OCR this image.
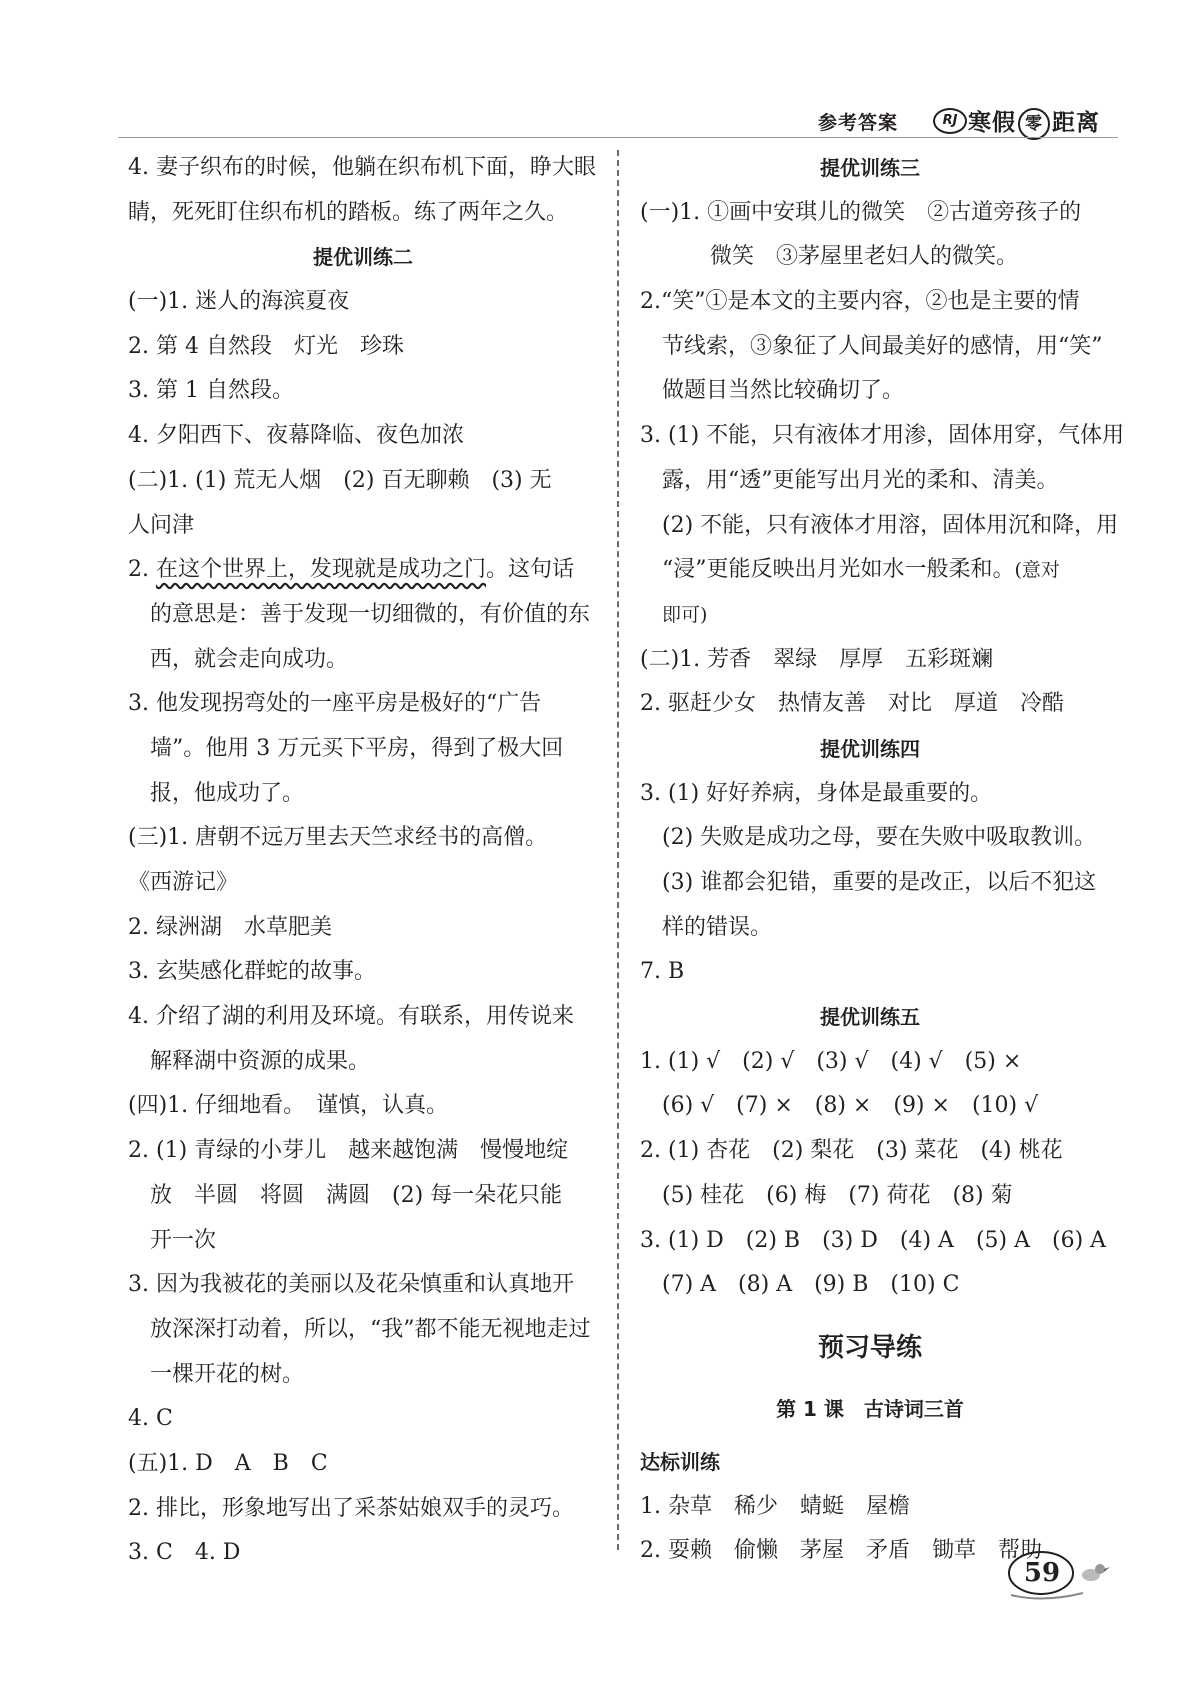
参考答案	RJ 寒假 零 距离
4. 妻子织布的时候，他躺在织布机下面，睁大眼
睛，死死盯住织布机的踏板。练了两年之久。
提优训练二
(一)1. 迷人的海滨夏夜
2. 第 4 自然段　灯光　珍珠
3. 第 1 自然段。
4. 夕阳西下、夜幕降临、夜色加浓
(二)1. (1) 荒无人烟　(2) 百无聊赖　(3) 无
人问津
2. 在这个世界上，发现就是成功之门。这句话
的意思是：善于发现一切细微的，有价值的东
西，就会走向成功。
3. 他发现拐弯处的一座平房是极好的“广告
墙”。他用 3 万元买下平房，得到了极大回
报，他成功了。
(三)1. 唐朝不远万里去天竺求经书的高僧。
《西游记》
2. 绿洲湖　水草肥美
3. 玄奘感化群蛇的故事。
4. 介绍了湖的利用及环境。有联系，用传说来
解释湖中资源的成果。
(四)1. 仔细地看。　谨慎，认真。
2. (1) 青绿的小芽儿　越来越饱满　慢慢地绽
放　半圆　将圆　满圆　(2) 每一朵花只能
开一次
3. 因为我被花的美丽以及花朵慎重和认真地开
放深深打动着，所以，“我”都不能无视地走过
一棵开花的树。
4. C
(五)1. D　A　B　C
2. 排比，形象地写出了采茶姑娘双手的灵巧。
3. C　4. D
提优训练三
(一)1. ①画中安琪儿的微笑　②古道旁孩子的
微笑　③茅屋里老妇人的微笑。
2.“笑”①是本文的主要内容，②也是主要的情
节线索，③象征了人间最美好的感情，用“笑”
做题目当然比较确切了。
3. (1) 不能，只有液体才用渗，固体用穿，气体用
露，用“透”更能写出月光的柔和、清美。
(2) 不能，只有液体才用溶，固体用沉和降，用
“浸”更能反映出月光如水一般柔和。(意对
即可)
(二)1. 芳香　翠绿　厚厚　五彩斑斓
2. 驱赶少女　热情友善　对比　厚道　冷酷
提优训练四
3. (1) 好好养病，身体是最重要的。
(2) 失败是成功之母，要在失败中吸取教训。
(3) 谁都会犯错，重要的是改正，以后不犯这
样的错误。
7. B
提优训练五
1. (1) √　(2) √　(3) √　(4) √　(5) ×
(6) √　(7) ×　(8) ×　(9) ×　(10) √
2. (1) 杏花　(2) 梨花　(3) 菜花　(4) 桃花
(5) 桂花　(6) 梅　(7) 荷花　(8) 菊
3. (1) D　(2) B　(3) D　(4) A　(5) A　(6) A
(7) A　(8) A　(9) B　(10) C
预习导练
第 1 课　古诗词三首
达标训练
1. 杂草　稀少　蜻蜓　屋檐
2. 耍赖　偷懒　茅屋　矛盾　锄草　帮助
59
